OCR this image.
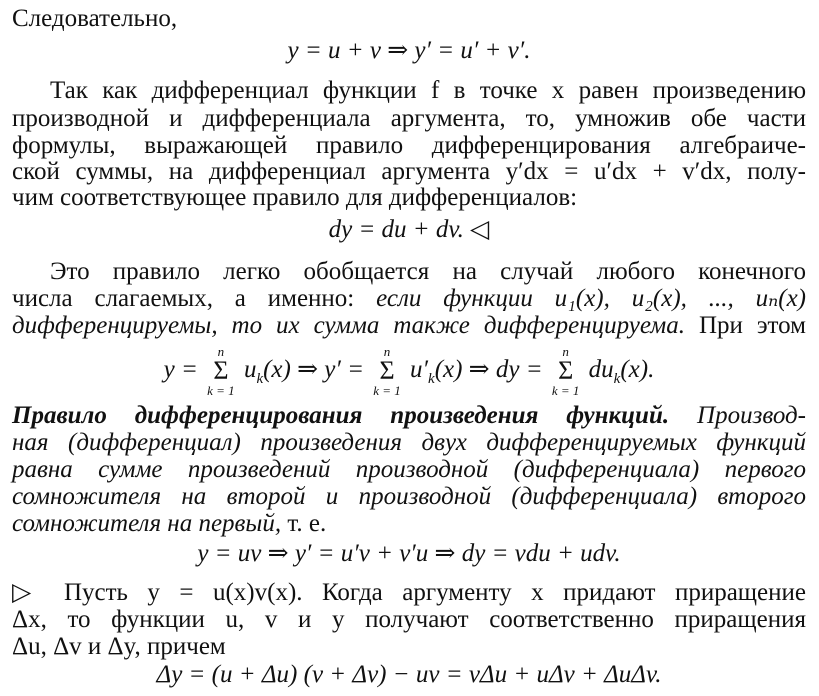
Следовательно,
y = u + v ⇒ y′ = u′ + v′.
Так как дифференциал функции f в точке x равен произведению
производной и дифференциала аргумента, то, умножив обе части
формулы, выражающей правило дифференцирования алгебраиче-
ской суммы, на дифференциал аргумента y′dx = u′dx + v′dx, полу-
чим соответствующее правило для дифференциалов:
dy = du + dv. ◁
Это правило легко обобщается на случай любого конечного
числа слагаемых, а именно: если функции u₁(x), u₂(x), ..., uₙ(x)
дифференцируемы, то их сумма также дифференцируема. При этом
y =
n
Σ
k = 1
$u_k(x)$ ⇒ y′ =
n
Σ
k = 1
$u'_k(x)$ ⇒ dy =
n
Σ
k = 1
$du_k(x)$.
Правило дифференцирования произведения функций. Производ-
ная (дифференциал) произведения двух дифференцируемых функций
равна сумме произведений производной (дифференциала) первого
сомножителя на второй и производной (дифференциала) второго
сомножителя на первый, т. е.
y = uv ⇒ y′ = u′v + v′u ⇒ dy = vdu + udv.
▷ Пусть y = u(x)v(x). Когда аргументу x придают приращение
Δx, то функции u, v и y получают соответственно приращения
Δu, Δv и Δy, причем
Δy = (u + Δu) (v + Δv) − uv = vΔu + uΔv + ΔuΔv.
